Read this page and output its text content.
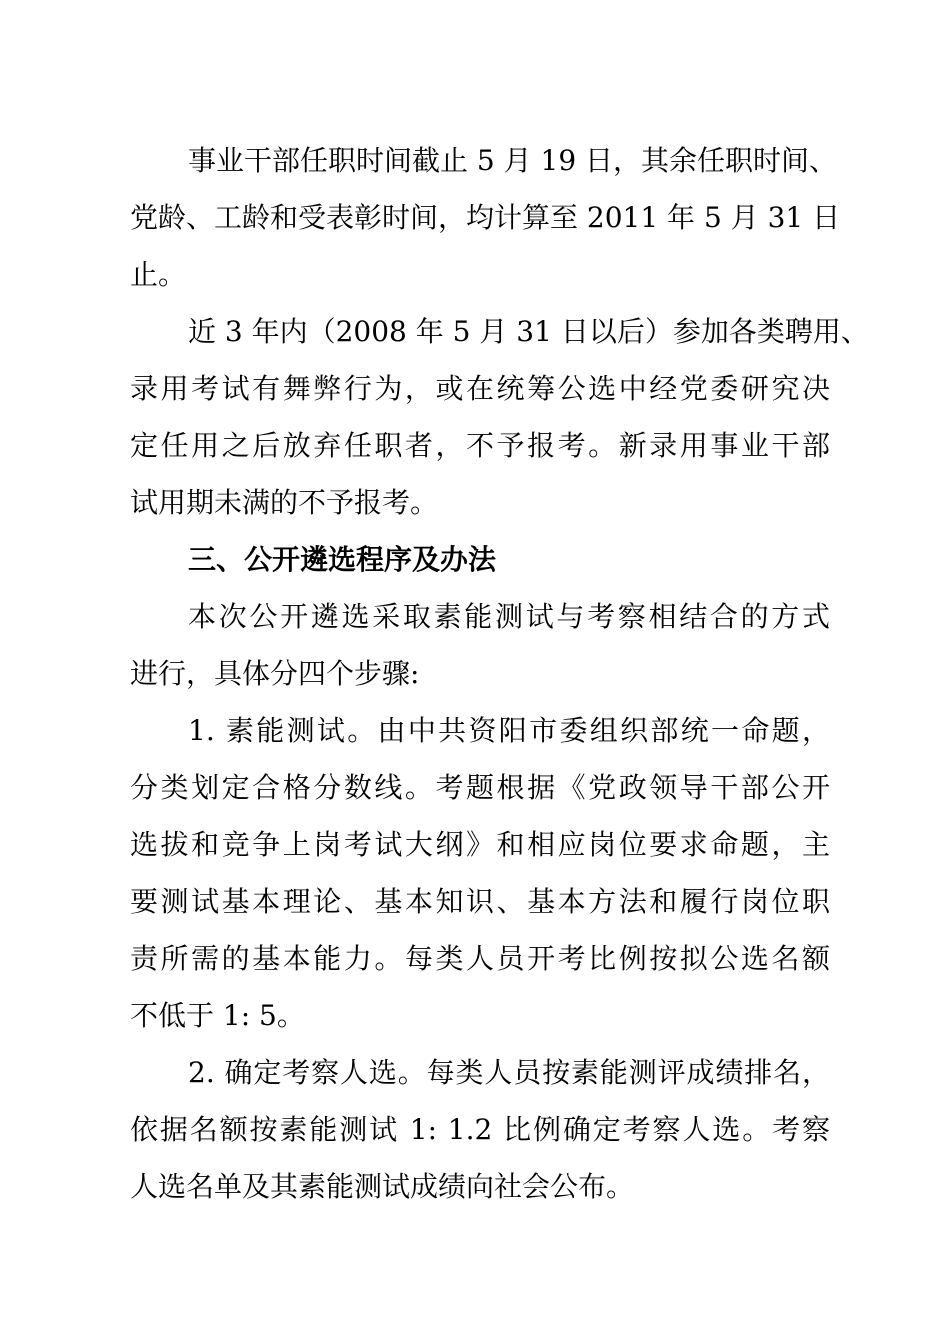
事业干部任职时间截止 5 月 19 日，其余任职时间、
党龄、工龄和受表彰时间，均计算至 2011 年 5 月 31 日
止。
近 3 年内（2008 年 5 月 31 日以后）参加各类聘用、
录用考试有舞弊行为，或在统筹公选中经党委研究决
定任用之后放弃任职者，不予报考。新录用事业干部
试用期未满的不予报考。
三、公开遴选程序及办法
本次公开遴选采取素能测试与考察相结合的方式
进行，具体分四个步骤:
1. 素能测试。由中共资阳市委组织部统一命题，
分类划定合格分数线。考题根据《党政领导干部公开
选拔和竞争上岗考试大纲》和相应岗位要求命题，主
要测试基本理论、基本知识、基本方法和履行岗位职
责所需的基本能力。每类人员开考比例按拟公选名额
不低于 1: 5。
2. 确定考察人选。每类人员按素能测评成绩排名，
依据名额按素能测试 1: 1.2 比例确定考察人选。考察
人选名单及其素能测试成绩向社会公布。
